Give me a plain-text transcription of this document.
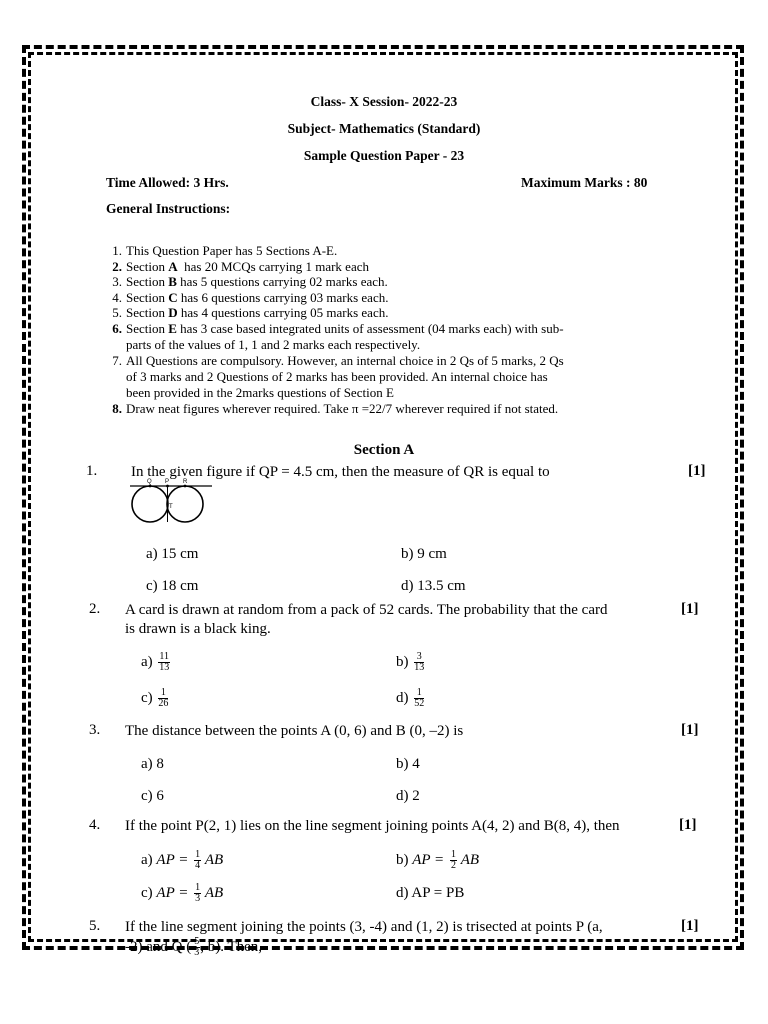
Class- X Session- 2022-23
Subject- Mathematics (Standard)
Sample Question Paper - 23
Time Allowed: 3 Hrs.	Maximum Marks : 80
General Instructions:
1. This Question Paper has 5 Sections A-E.
2. Section A  has 20 MCQs carrying 1 mark each
3. Section B has 5 questions carrying 02 marks each.
4. Section C has 6 questions carrying 03 marks each.
5. Section D has 4 questions carrying 05 marks each.
6. Section E has 3 case based integrated units of assessment (04 marks each) with sub-
parts of the values of 1, 1 and 2 marks each respectively.
7. All Questions are compulsory. However, an internal choice in 2 Qs of 5 marks, 2 Qs
of 3 marks and 2 Questions of 2 marks has been provided. An internal choice has
been provided in the 2marks questions of Section E
8. Draw neat figures wherever required. Take π =22/7 wherever required if not stated.
Section A
1. In the given figure if QP = 4.5 cm, then the measure of QR is equal to	[1]
Q P R
T
a) 15 cm	b) 9 cm
c) 18 cm	d) 13.5 cm
2. A card is drawn at random from a pack of 52 cards. The probability that the card
is drawn is a black king.
[1]
$a) \frac{11}{13}$	$b) \frac{3}{13}$
$c) \frac{1}{26}$	$d) \frac{1}{52}$
3. The distance between the points A (0, 6) and B (0, –2) is	[1]
a) 8	b) 4
c) 6	d) 2
4. If the point P(2, 1) lies on the line segment joining points A(4, 2) and B(8, 4), then	[1]
a) AP = $\frac{1}{4}$ AB	b) AP = $\frac{1}{2}$ AB
c) AP = $\frac{1}{3}$ AB	d) AP = PB
5. If the line segment joining the points (3, -4) and (1, 2) is trisected at points P (a,	[1]
-2) and Q ( $\frac{5}{3}$ , b). Then,
